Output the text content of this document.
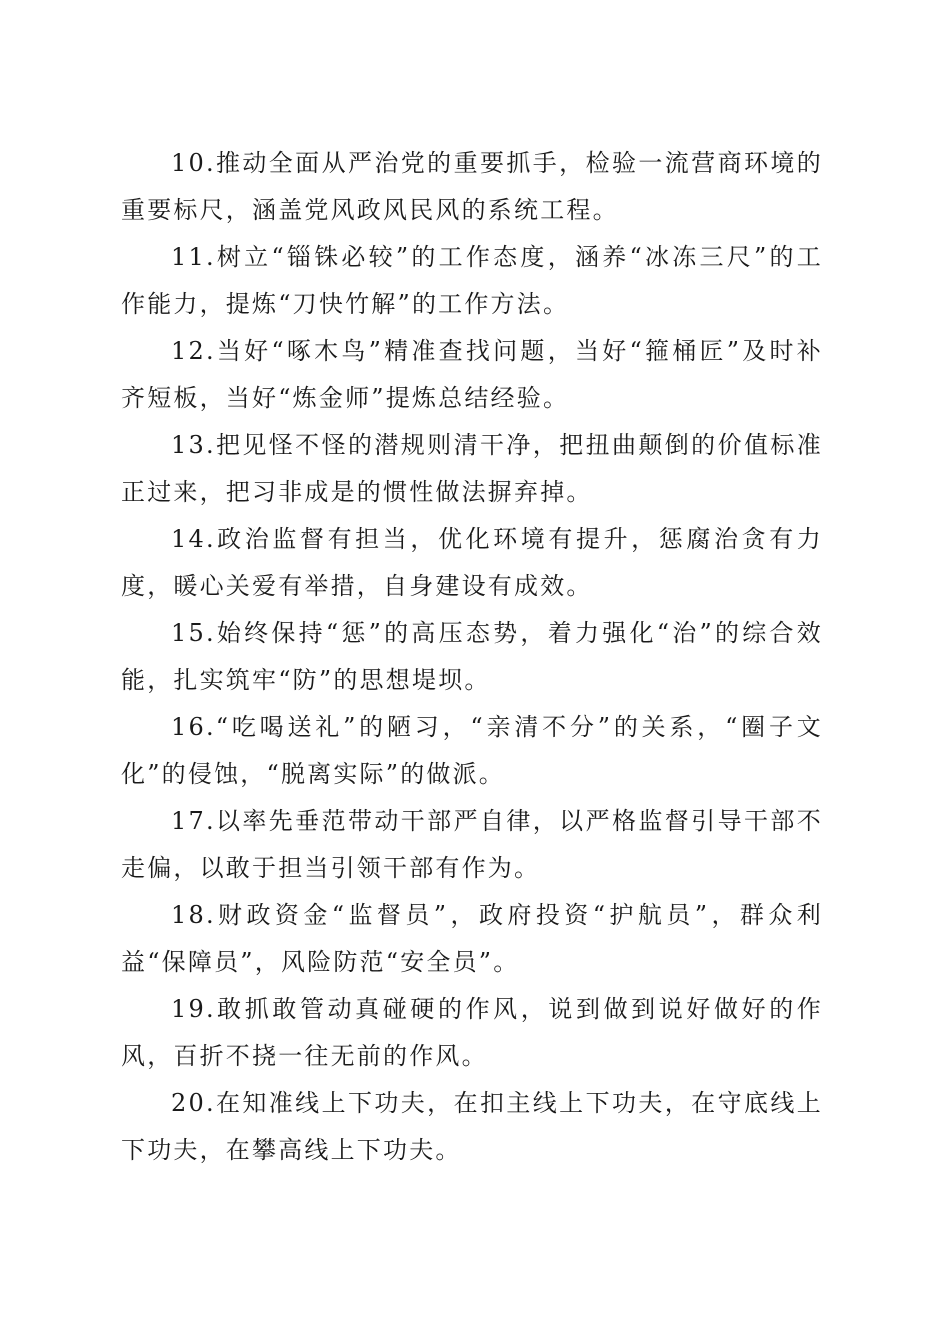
10.推动全面从严治党的重要抓手，检验一流营商环境的重要标尺，涵盖党风政风民风的系统工程。

11.树立“锱铢必较”的工作态度，涵养“冰冻三尺”的工作能力，提炼“刀快竹解”的工作方法。

12.当好“啄木鸟”精准查找问题，当好“箍桶匠”及时补齐短板，当好“炼金师”提炼总结经验。

13.把见怪不怪的潜规则清干净，把扭曲颠倒的价值标准正过来，把习非成是的惯性做法摒弃掉。

14.政治监督有担当，优化环境有提升，惩腐治贪有力度，暖心关爱有举措，自身建设有成效。

15.始终保持“惩”的高压态势，着力强化“治”的综合效能，扎实筑牢“防”的思想堤坝。

16.“吃喝送礼”的陋习，“亲清不分”的关系，“圈子文化”的侵蚀，“脱离实际”的做派。

17.以率先垂范带动干部严自律，以严格监督引导干部不走偏，以敢于担当引领干部有作为。

18.财政资金“监督员”，政府投资“护航员”，群众利益“保障员”，风险防范“安全员”。

19.敢抓敢管动真碰硬的作风，说到做到说好做好的作风，百折不挠一往无前的作风。

20.在知准线上下功夫，在扣主线上下功夫，在守底线上下功夫，在攀高线上下功夫。
